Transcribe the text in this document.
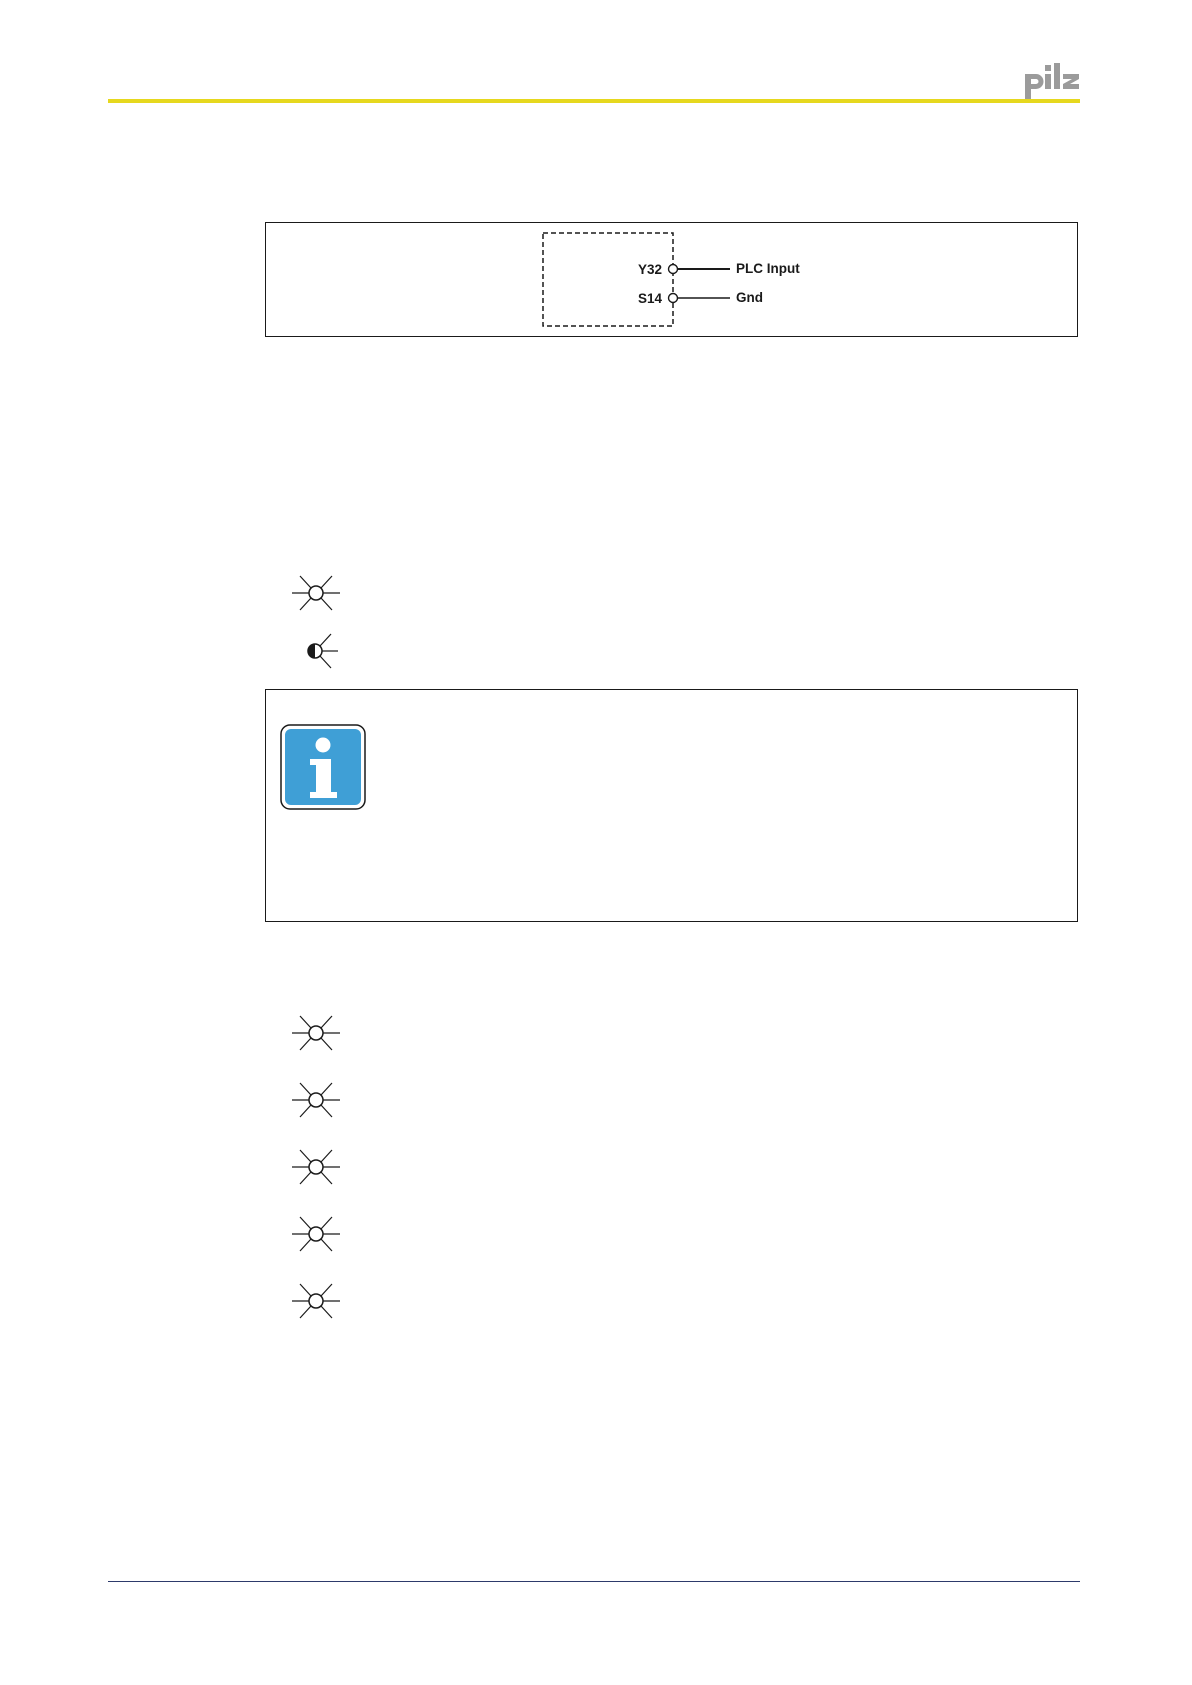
Y32	PLC Input
S14	Gnd
